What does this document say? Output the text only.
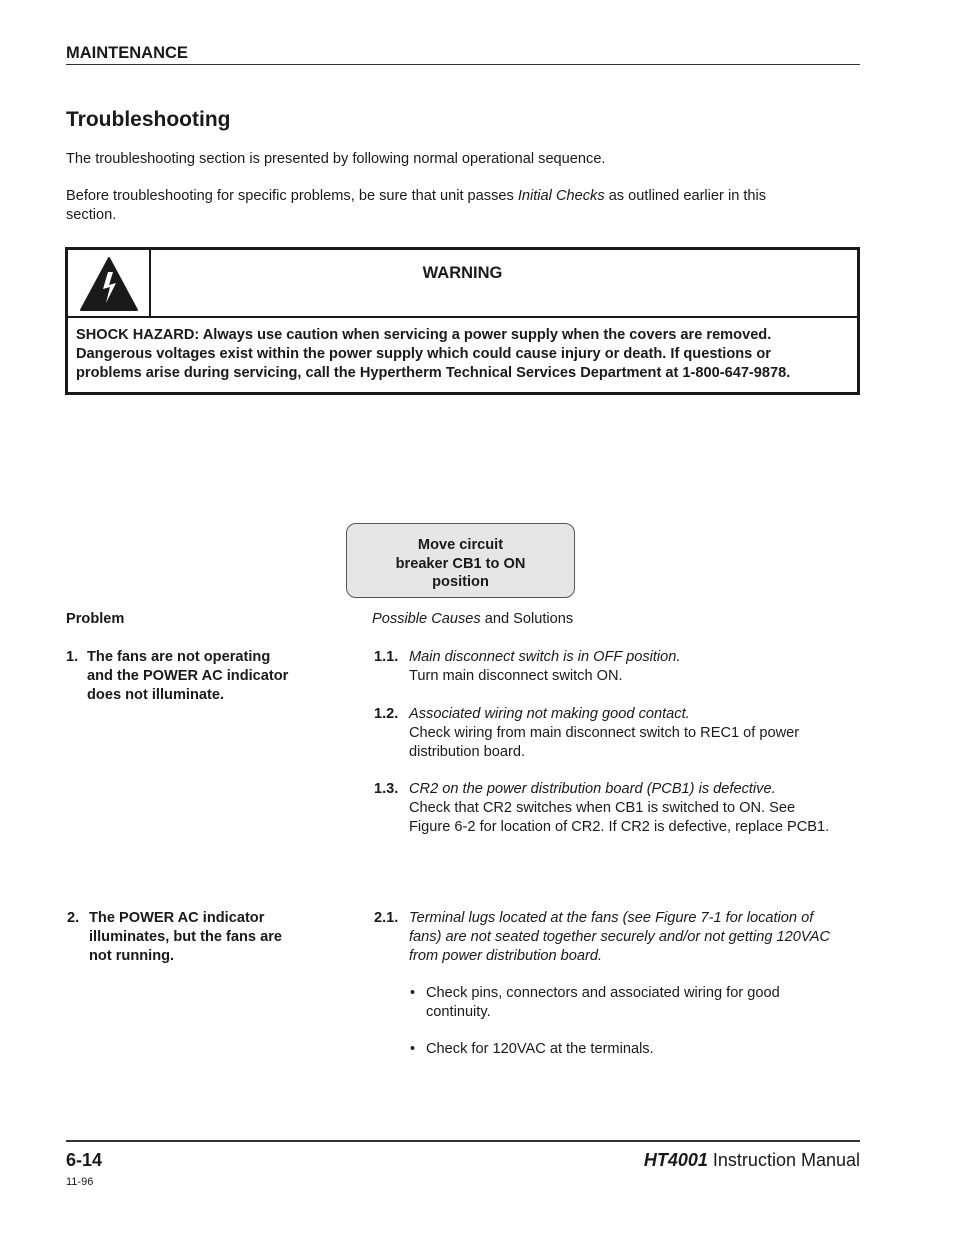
MAINTENANCE
Troubleshooting
The troubleshooting section is presented by following normal operational sequence.
Before troubleshooting for specific problems, be sure that unit passes Initial Checks as outlined earlier in this
section.
WARNING
SHOCK HAZARD: Always use caution when servicing a power supply when the covers are removed.
Dangerous voltages exist within the power supply which could cause injury or death. If questions or
problems arise during servicing, call the Hypertherm Technical Services Department at 1-800-647-9878.
Move circuit
breaker CB1 to ON
position
Problem	Possible Causes and Solutions
1. The fans are not operating
and the POWER AC indicator
does not illuminate.
1.1. Main disconnect switch is in OFF position.
Turn main disconnect switch ON.
1.2. Associated wiring not making good contact.
Check wiring from main disconnect switch to REC1 of power
distribution board.
1.3. CR2 on the power distribution board (PCB1) is defective.
Check that CR2 switches when CB1 is switched to ON. See
Figure 6-2 for location of CR2. If CR2 is defective, replace PCB1.
2. The POWER AC indicator
illuminates, but the fans are
not running.
2.1. Terminal lugs located at the fans (see Figure 7-1 for location of
fans) are not seated together securely and/or not getting 120VAC
from power distribution board.
• Check pins, connectors and associated wiring for good
continuity.
• Check for 120VAC at the terminals.
6-14
11-96
HT4001 Instruction Manual
